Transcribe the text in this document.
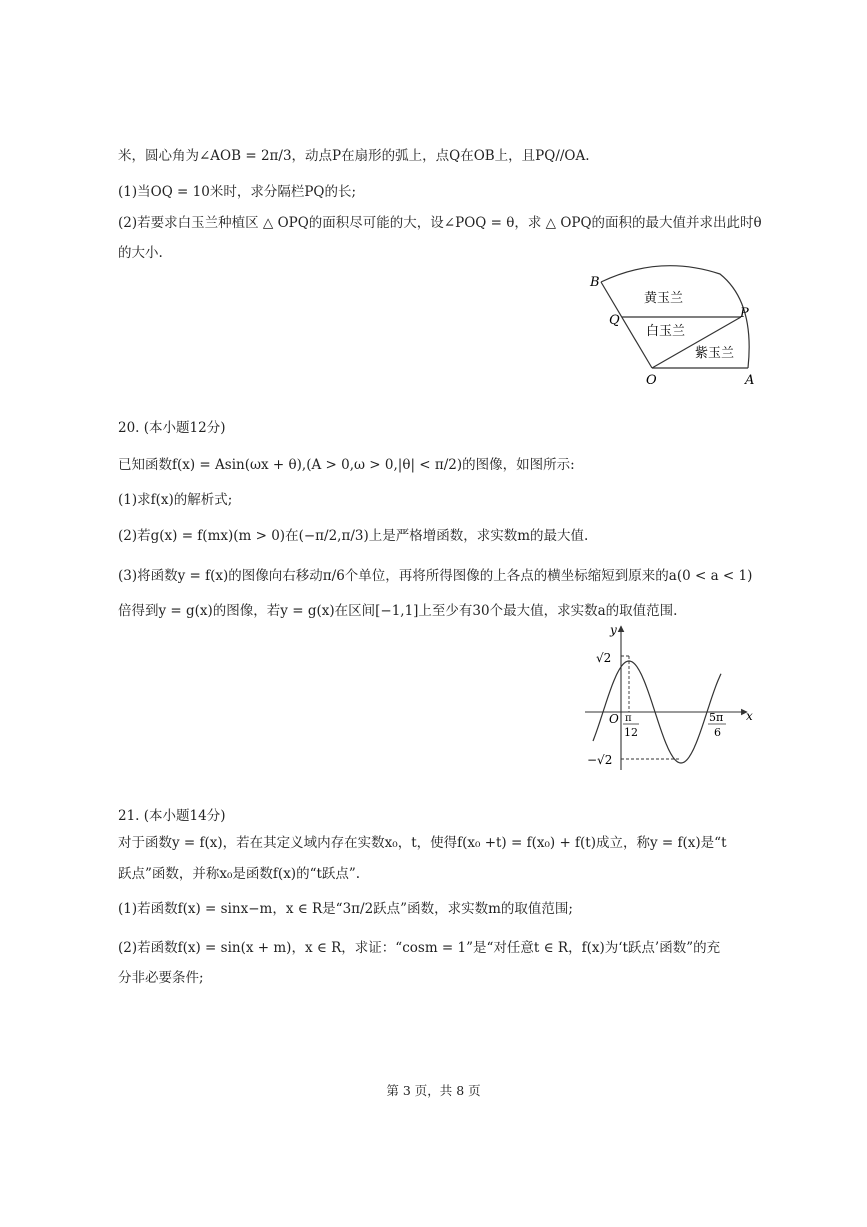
米，圆心角为∠AOB = 2π/3，动点P在扇形的弧上，点Q在OB上，且PQ//OA.
(1)当OQ = 10米时，求分隔栏PQ的长;
(2)若要求白玉兰种植区 △ OPQ的面积尽可能的大，设∠POQ = θ，求 △ OPQ的面积的最大值并求出此时θ
的大小.
B
Q	P
O	A
黄玉兰
白玉兰
紫玉兰
20. (本小题12分)
已知函数f(x) = Asin(ωx + θ),(A > 0,ω > 0,|θ| < π/2)的图像，如图所示:
(1)求f(x)的解析式;
(2)若g(x) = f(mx)(m > 0)在(−π/2,π/3)上是严格增函数，求实数m的最大值.
(3)将函数y = f(x)的图像向右移动π/6个单位，再将所得图像的上各点的横坐标缩短到原来的a(0 < a < 1)
倍得到y = g(x)的图像，若y = g(x)在区间[−1,1]上至少有30个最大值，求实数a的取值范围.
y
x
O
√2
−√2
π
12
5π
6
21. (本小题14分)
对于函数y = f(x)，若在其定义域内存在实数x₀，t，使得f(x₀ +t) = f(x₀) + f(t)成立，称y = f(x)是“t
跃点”函数，并称x₀是函数f(x)的“t跃点”.
(1)若函数f(x) = sinx−m，x ∈ R是“3π/2跃点”函数，求实数m的取值范围;
(2)若函数f(x) = sin(x + m)，x ∈ R，求证：“cosm = 1”是“对任意t ∈ R，f(x)为‘t跃点’函数”的充
分非必要条件;
第 3 页，共 8 页
